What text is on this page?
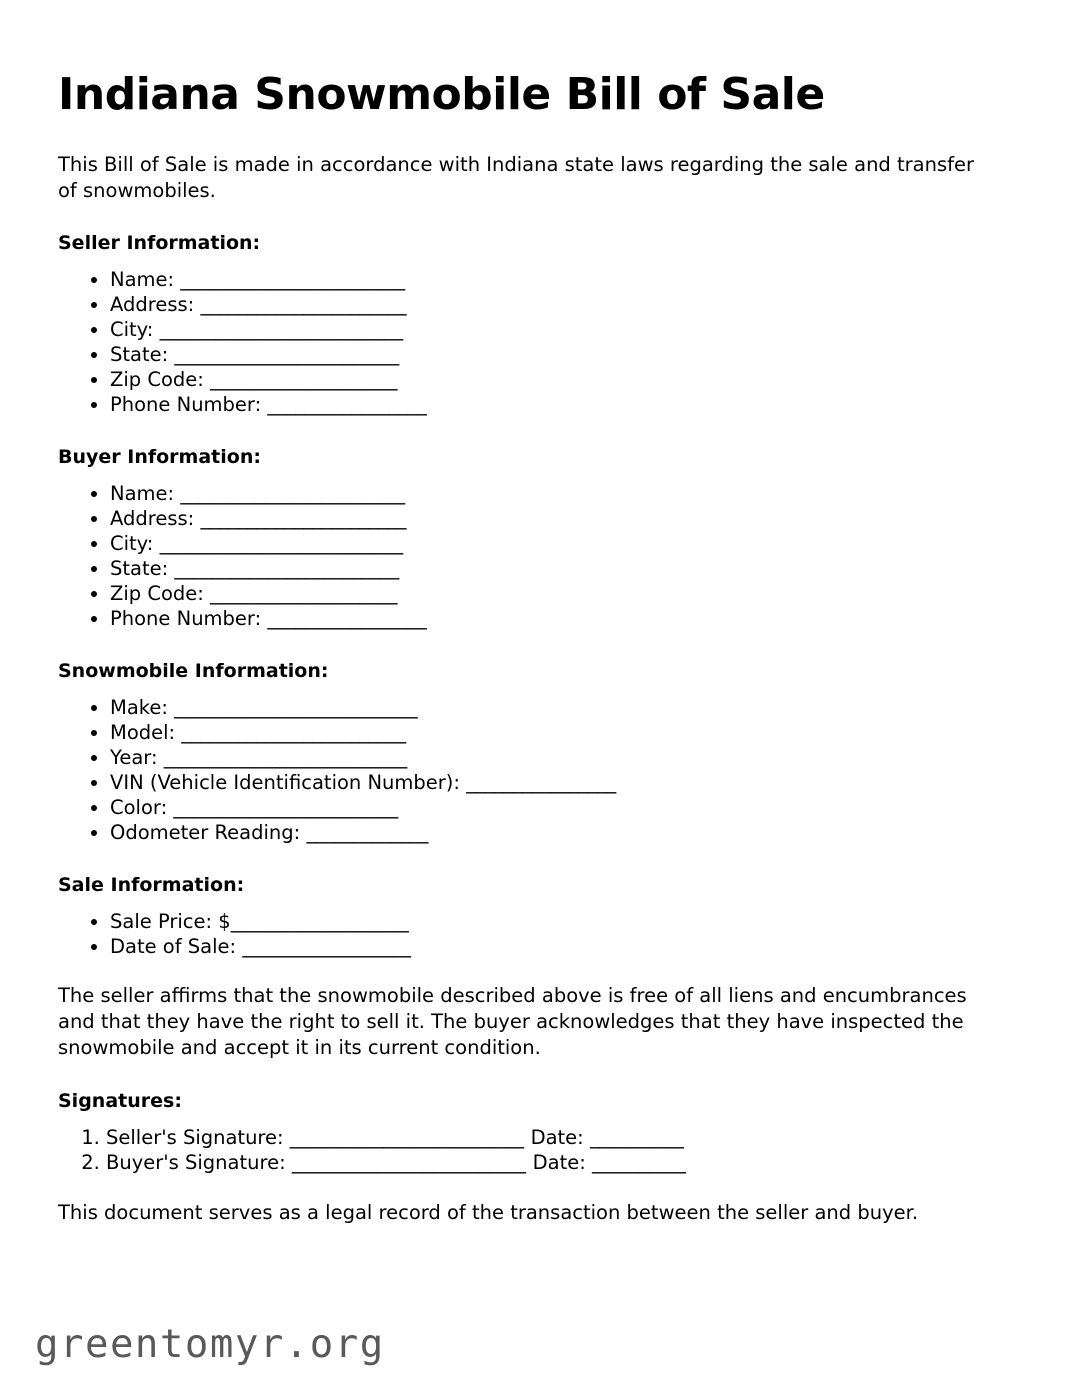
Indiana Snowmobile Bill of Sale

This Bill of Sale is made in accordance with Indiana state laws regarding the sale and transfer of snowmobiles.

Seller Information:
• Name: ________________________
• Address: ______________________
• City: __________________________
• State: ________________________
• Zip Code: ____________________
• Phone Number: _________________
Buyer Information:
• Name: ________________________
• Address: ______________________
• City: __________________________
• State: ________________________
• Zip Code: ____________________
• Phone Number: _________________
Snowmobile Information:
• Make: __________________________
• Model: ________________________
• Year: __________________________
• VIN (Vehicle Identification Number): ________________
• Color: ________________________
• Odometer Reading: _____________
Sale Information:
• Sale Price: $___________________
• Date of Sale: __________________

The seller affirms that the snowmobile described above is free of all liens and encumbrances and that they have the right to sell it. The buyer acknowledges that they have inspected the snowmobile and accept it in its current condition.

Signatures:
1. Seller's Signature: _________________________ Date: __________
2. Buyer's Signature: _________________________ Date: __________

This document serves as a legal record of the transaction between the seller and buyer.

greentomyr.org
